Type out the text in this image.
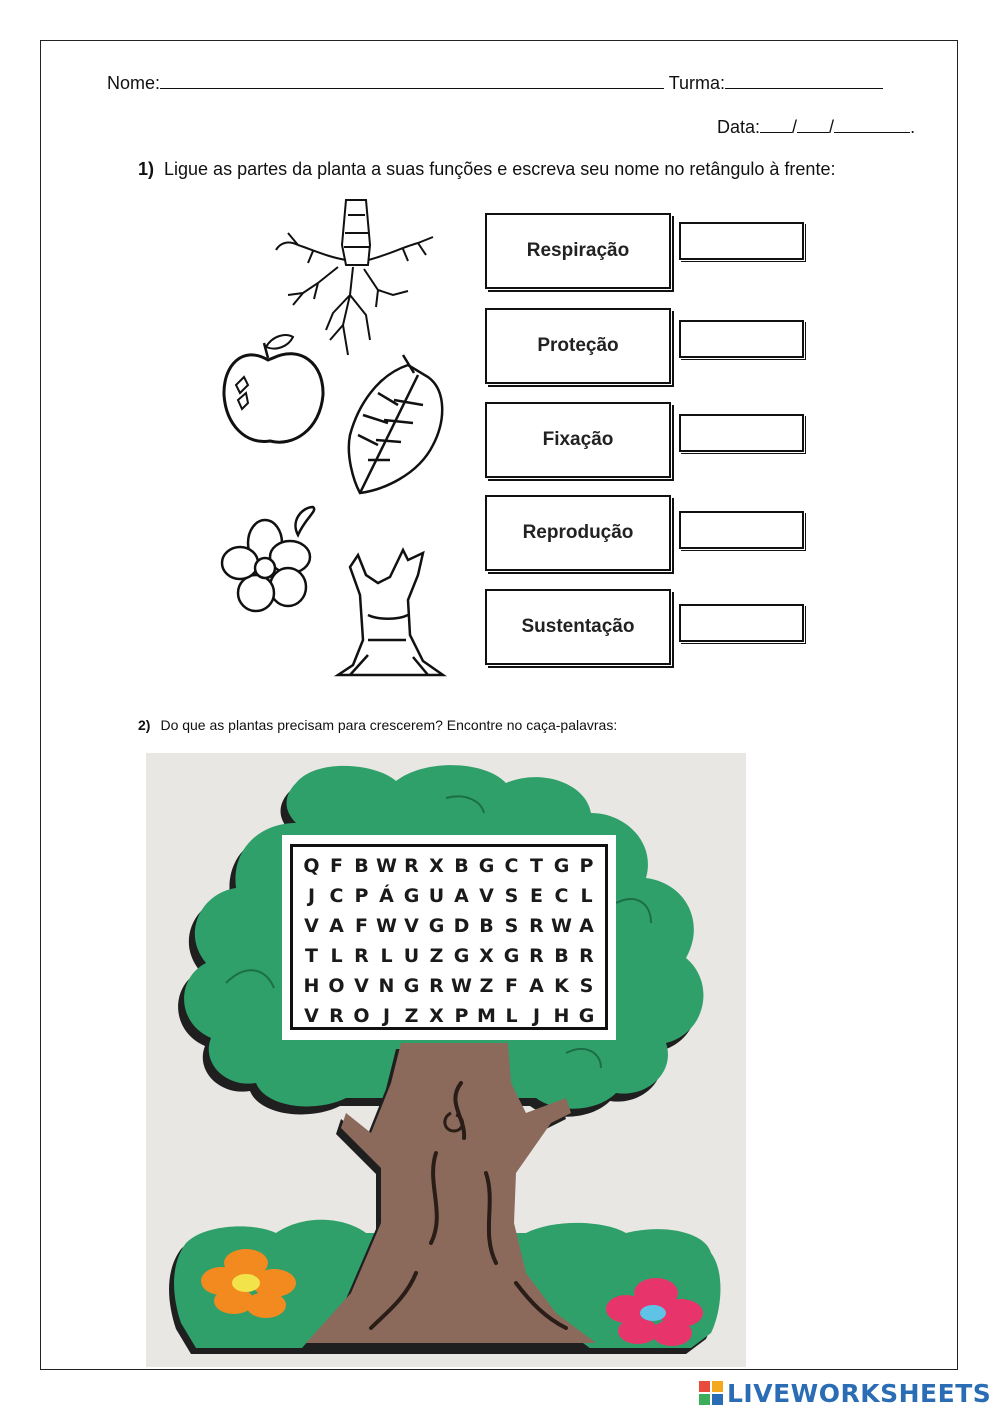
Nome:	Turma:
Data: / /	.
1) Ligue as partes da planta a suas funções e escreva seu nome no retângulo à frente:
Respiração
Proteção
Fixação
Reprodução
Sustentação
2) Do que as plantas precisam para crescerem? Encontre no caça-palavras:
Q F B W R X B G C T G P
J C P Á G U A V S E C L
V A F W V G D B S R W A
T L R L U Z G X G R B R
H O V N G R W Z F A K S
V R O J Z X P M L J H G
LIVEWORKSHEETS
